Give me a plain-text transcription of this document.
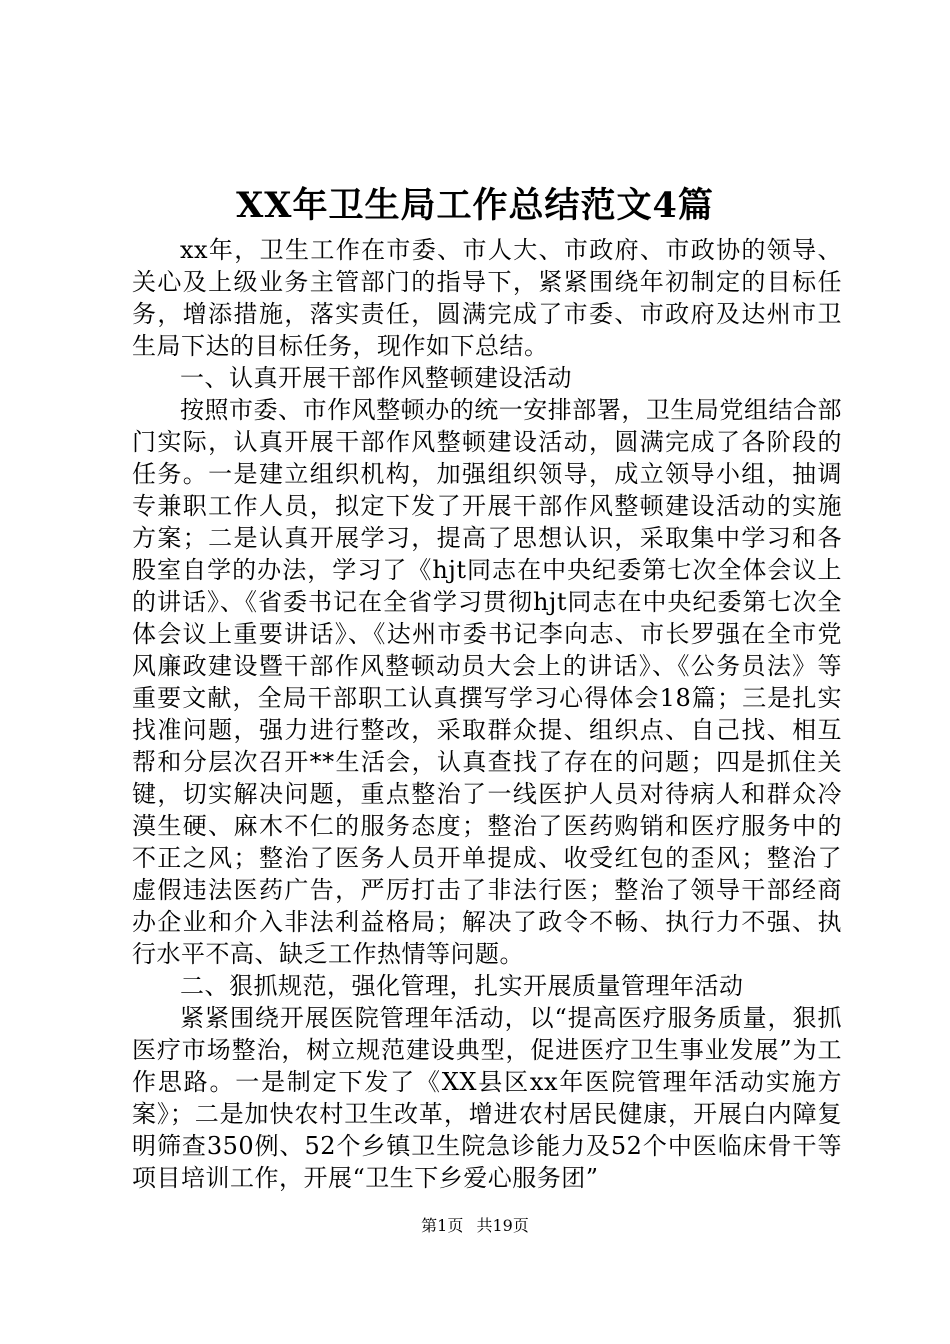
XX年卫生局工作总结范文4篇

xx年，卫生工作在市委、市人大、市政府、市政协的领导、关心及上级业务主管部门的指导下，紧紧围绕年初制定的目标任务，增添措施，落实责任，圆满完成了市委、市政府及达州市卫生局下达的目标任务，现作如下总结。

一、认真开展干部作风整顿建设活动

按照市委、市作风整顿办的统一安排部署，卫生局党组结合部门实际，认真开展干部作风整顿建设活动，圆满完成了各阶段的任务。一是建立组织机构，加强组织领导，成立领导小组，抽调专兼职工作人员，拟定下发了开展干部作风整顿建设活动的实施方案；二是认真开展学习，提高了思想认识，采取集中学习和各股室自学的办法，学习了《hjt同志在中央纪委第七次全体会议上的讲话》、《省委书记在全省学习贯彻hjt同志在中央纪委第七次全体会议上重要讲话》、《达州市委书记李向志、市长罗强在全市党风廉政建设暨干部作风整顿动员大会上的讲话》、《公务员法》等重要文献，全局干部职工认真撰写学习心得体会18篇；三是扎实找准问题，强力进行整改，采取群众提、组织点、自己找、相互帮和分层次召开**生活会，认真查找了存在的问题；四是抓住关键，切实解决问题，重点整治了一线医护人员对待病人和群众冷漠生硬、麻木不仁的服务态度；整治了医药购销和医疗服务中的不正之风；整治了医务人员开单提成、收受红包的歪风；整治了虚假违法医药广告，严厉打击了非法行医；整治了领导干部经商办企业和介入非法利益格局；解决了政令不畅、执行力不强、执行水平不高、缺乏工作热情等问题。

二、狠抓规范，强化管理，扎实开展质量管理年活动

紧紧围绕开展医院管理年活动，以“提高医疗服务质量，狠抓医疗市场整治，树立规范建设典型，促进医疗卫生事业发展”为工作思路。一是制定下发了《XX县区xx年医院管理年活动实施方案》；二是加快农村卫生改革，增进农村居民健康，开展白内障复明筛查350例、52个乡镇卫生院急诊能力及52个中医临床骨干等项目培训工作，开展“卫生下乡爱心服务团”

第1页 共19页
